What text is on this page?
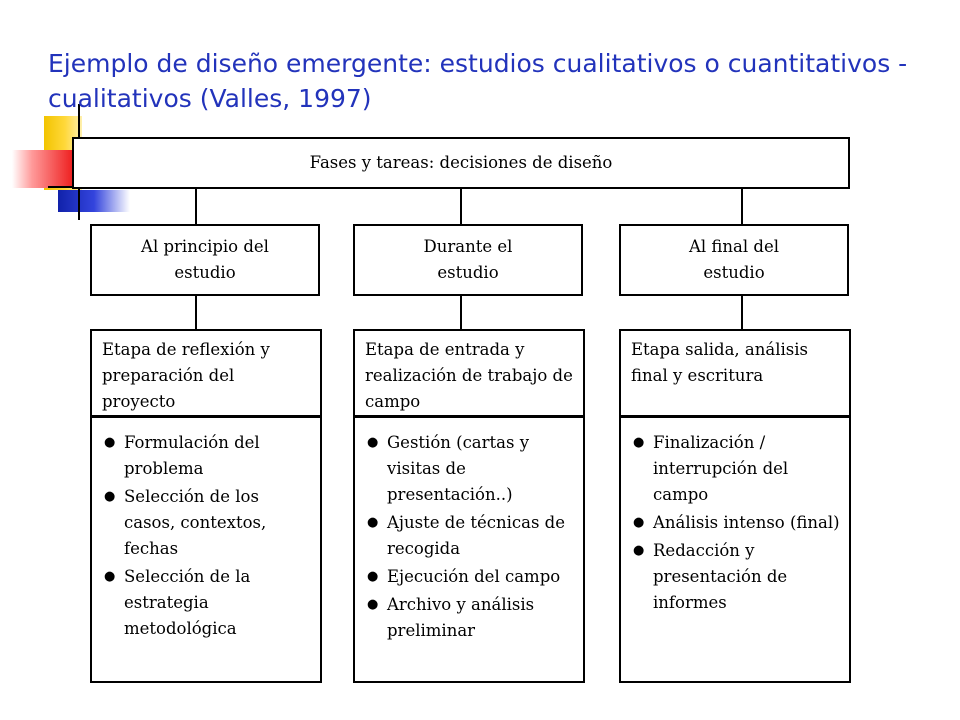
Ejemplo de diseño emergente: estudios cualitativos o cuantitativos - cualitativos (Valles, 1997)
Fases y tareas: decisiones de diseño
Al principio del estudio
Etapa de reflexión y preparación del proyecto
● Formulación del problema
● Selección de los casos, contextos, fechas
● Selección de la estrategia metodológica
Durante el estudio
Etapa de entrada y realización de trabajo de campo
● Gestión (cartas y visitas de presentación..)
● Ajuste de técnicas de recogida
● Ejecución del campo
● Archivo y análisis preliminar
Al final del estudio
Etapa salida, análisis final y escritura
● Finalización / interrupción del campo
● Análisis intenso (final)
● Redacción y presentación de informes
